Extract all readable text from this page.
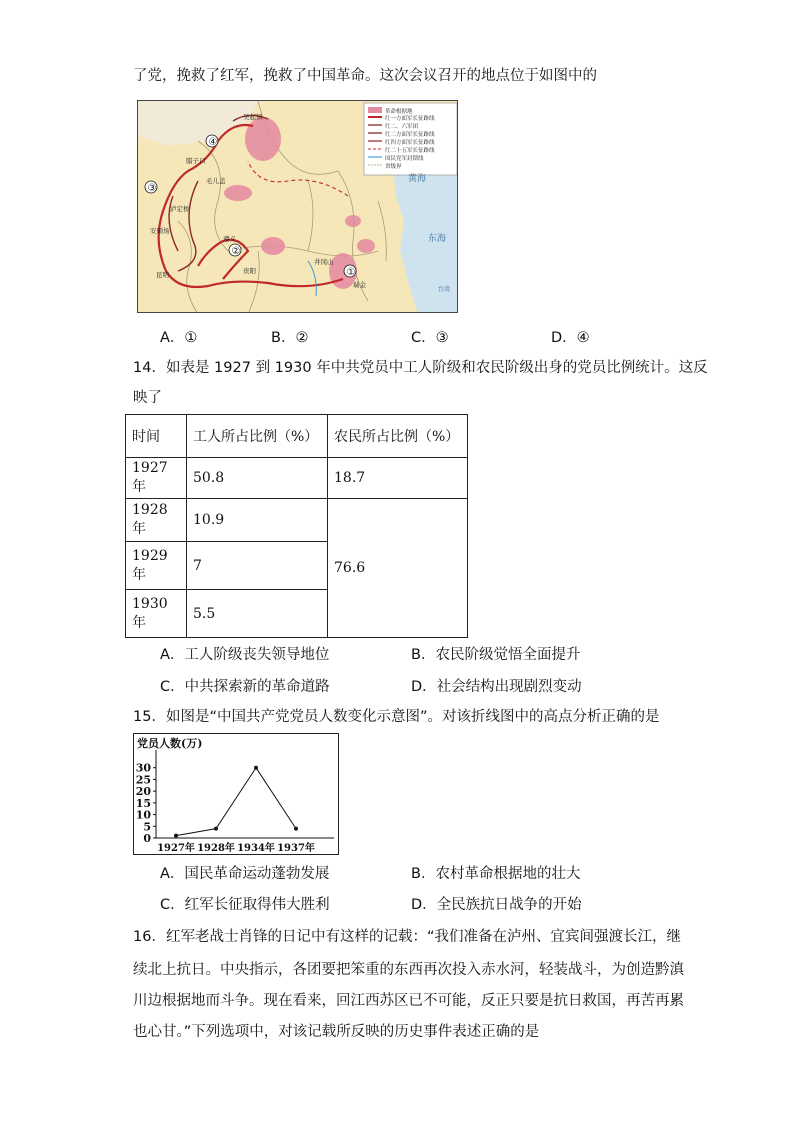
了党，挽救了红军，挽救了中国革命。这次会议召开的地点位于如图中的
革命根据地
红一方面军长征路线
红二、六军团
红二方面军长征路线
红四方面军长征路线
红二十五军长征路线
国民党军封锁线
省级界
④
③
②
①
腊子口
吴起镇
毛儿盖
泸定桥
安顺场
遵义
贵阳
瑞金
井冈山
昆明
黄海
东海
台湾
A．①	B．②	C．③	D．④
14．如表是 1927 到 1930 年中共党员中工人阶级和农民阶级出身的党员比例统计。这反
映了
时间	工人所占比例（%）	农民所占比例（%）
1927 年	50.8	18.7
1928 年	10.9	76.6
1929 年	7	
1930 年	5.5	
A．工人阶级丧失领导地位	B．农民阶级觉悟全面提升
C．中共探索新的革命道路	D．社会结构出现剧烈变动
15．如图是“中国共产党党员人数变化示意图”。对该折线图中的高点分析正确的是
党员人数(万)
0
5
10
15
20
25
30
1927年 1928年 1934年 1937年
A．国民革命运动蓬勃发展	B．农村革命根据地的壮大
C．红军长征取得伟大胜利	D．全民族抗日战争的开始
16．红军老战士肖锋的日记中有这样的记载：“我们准备在泸州、宜宾间强渡长江，继
续北上抗日。中央指示，各团要把笨重的东西再次投入赤水河，轻装战斗，为创造黔滇
川边根据地而斗争。现在看来，回江西苏区已不可能，反正只要是抗日救国，再苦再累
也心甘。”下列选项中，对该记载所反映的历史事件表述正确的是
